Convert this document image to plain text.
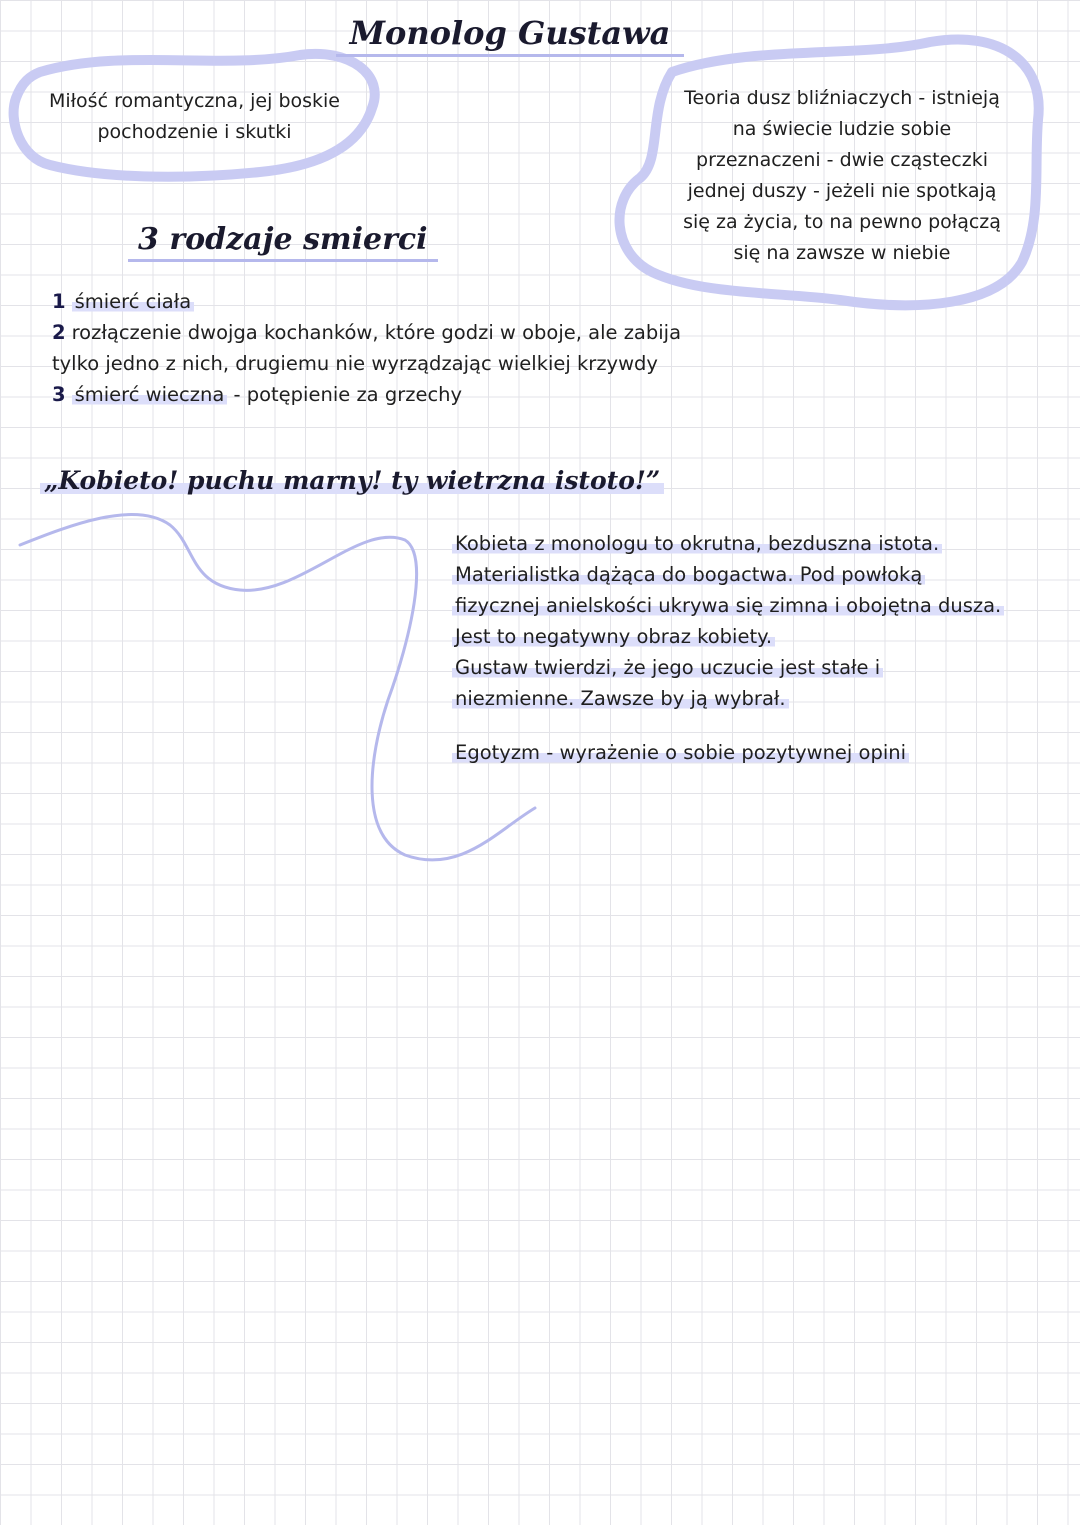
Monolog Gustawa
Miłość romantyczna, jej boskie
pochodzenie i skutki
Teoria dusz bliźniaczych - istnieją
na świecie ludzie sobie
przeznaczeni - dwie cząsteczki
jednej duszy - jeżeli nie spotkają
się za życia, to na pewno połączą
się na zawsze w niebie
3 rodzaje smierci
1 śmierć ciała
2 rozłączenie dwojga kochanków, które godzi w oboje, ale zabija
tylko jedno z nich, drugiemu nie wyrządzając wielkiej krzywdy
3 śmierć wieczna - potępienie za grzechy
„Kobieto! puchu marny! ty wietrzna istoto!”
Kobieta z monologu to okrutna, bezduszna istota.
Materialistka dążąca do bogactwa. Pod powłoką
fizycznej anielskości ukrywa się zimna i obojętna dusza.
Jest to negatywny obraz kobiety.
Gustaw twierdzi, że jego uczucie jest stałe i
niezmienne. Zawsze by ją wybrał.
Egotyzm - wyrażenie o sobie pozytywnej opini
